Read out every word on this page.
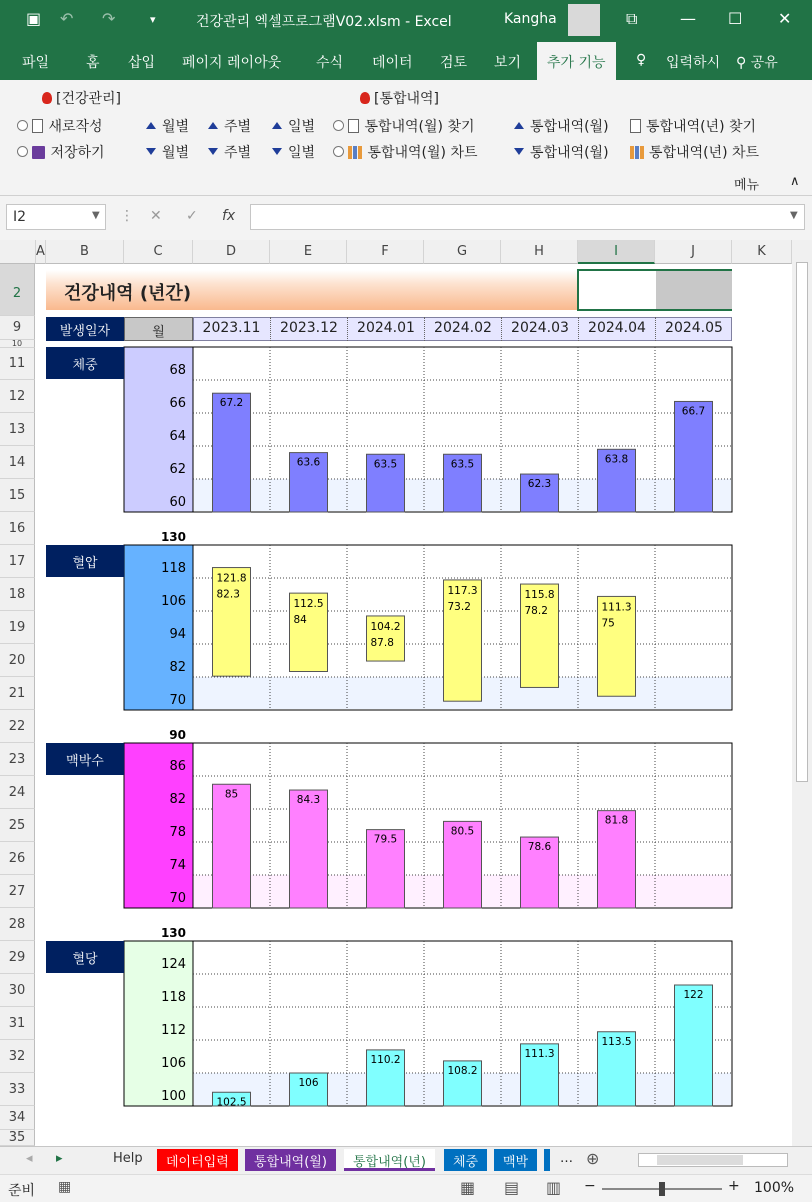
▣ ↶ ↷	▾	건강관리 엑셀프로그램V02.xlsm - Excel	Kangha	⧉	— ☐ ✕
파일	홈 삽입 페이지 레이아웃 수식 데이터 검토 보기	추가 기능	♀ 입력하시 ⚲ 공유
[건강관리]	[통합내역]
새로작성
저장하기
월별
월별
주별
주별
일별
일별
통합내역(월) 찾기
통합내역(월) 차트
통합내역(월)
통합내역(월)
통합내역(년) 찾기
통합내역(년) 차트
메뉴 ∧
I2	▼ ⋮ ✕ ✓ fx	▼
A	B	C	D	E	F	G	H	I	J	K
2
9
10
11
12
13
14
15
16
17
18
19
20
21
22
23
24
25
26
27
28
29
30
31
32
33
34
35
건강내역 (년간)
발생일자	월	2023.11	2023.12	2024.01	2024.02	2024.03	2024.04	2024.05
68
66
64
62
60
67.2
63.6	63.5	63.5
62.3
63.8
66.7
130
118
106
94
82
70
121.8
82.3
112.5
84
104.2
87.8
117.3
73.2
115.8
78.2	111.3
75
90
86
82
78
74
70
85	84.3
79.5
80.5
78.6
81.8
130
124
118
112
106
100	102.5
106
110.2
108.2
111.3
113.5
122
체중
혈압
맥박수
혈당
◂ ▸	Help	데이터입력	통합내역(월)	통합내역(년)	체중	맥박	… ⊕
준비 ▦	▦ ▤ ▥ −	+ 100%
